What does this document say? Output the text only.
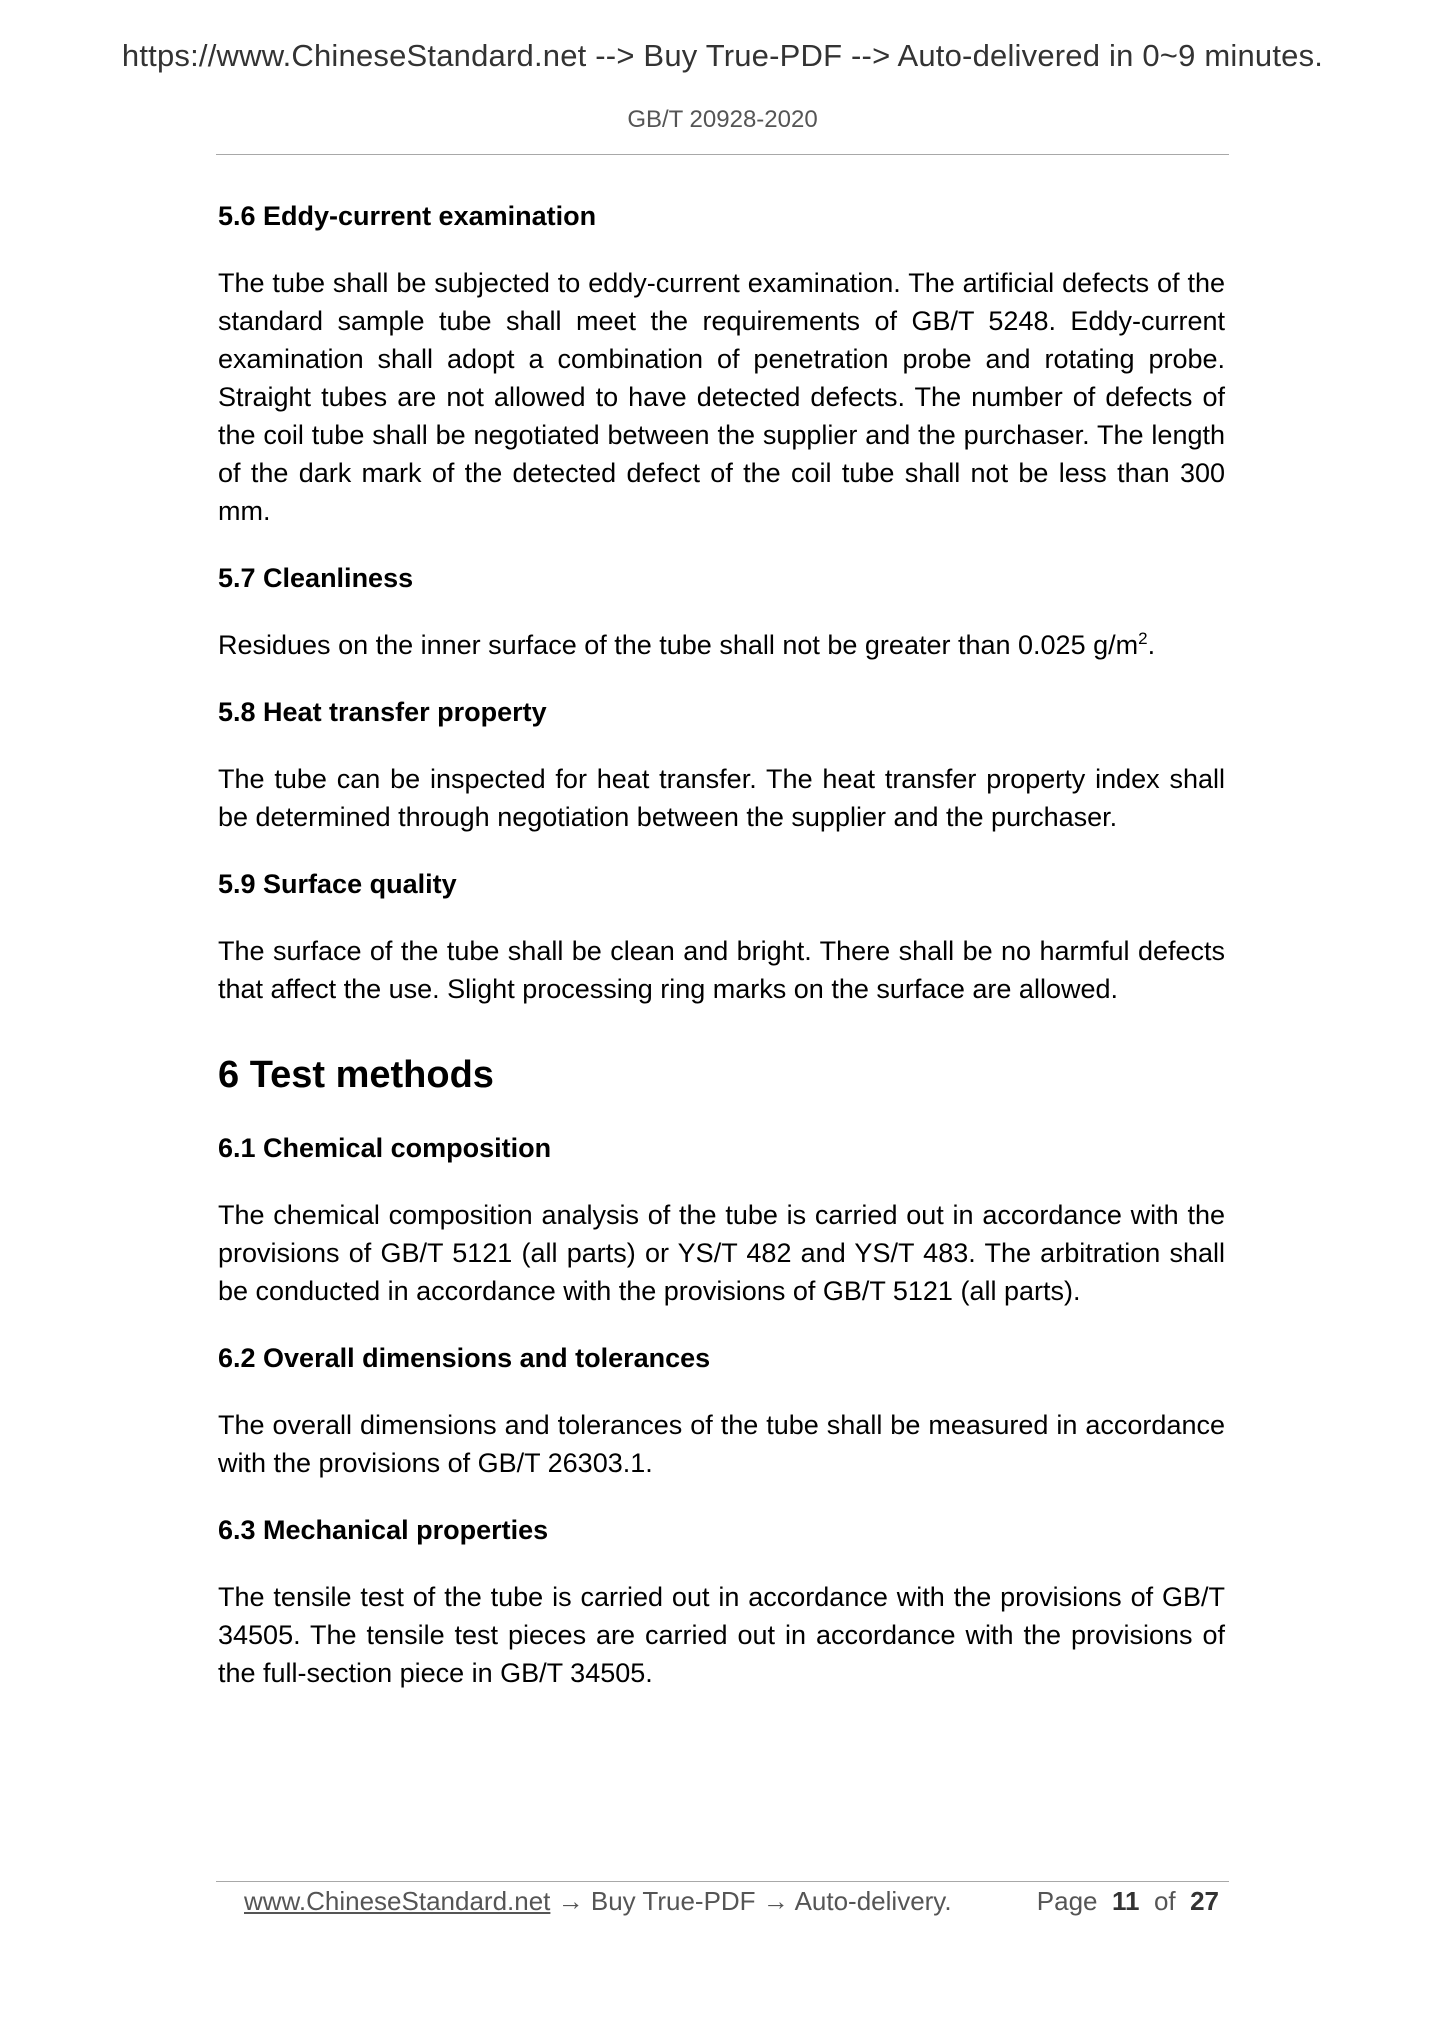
https://www.ChineseStandard.net --> Buy True-PDF --> Auto-delivered in 0~9 minutes.
GB/T 20928-2020
5.6 Eddy-current examination

The tube shall be subjected to eddy-current examination. The artificial defects of the standard sample tube shall meet the requirements of GB/T 5248. Eddy-current examination shall adopt a combination of penetration probe and rotating probe. Straight tubes are not allowed to have detected defects. The number of defects of the coil tube shall be negotiated between the supplier and the purchaser. The length of the dark mark of the detected defect of the coil tube shall not be less than 300 mm.

5.7 Cleanliness

Residues on the inner surface of the tube shall not be greater than 0.025 $g/m^2$.

5.8 Heat transfer property

The tube can be inspected for heat transfer. The heat transfer property index shall be determined through negotiation between the supplier and the purchaser.

5.9 Surface quality

The surface of the tube shall be clean and bright. There shall be no harmful defects that affect the use. Slight processing ring marks on the surface are allowed.

6 Test methods
6.1 Chemical composition

The chemical composition analysis of the tube is carried out in accordance with the provisions of GB/T 5121 (all parts) or YS/T 482 and YS/T 483. The arbitration shall be conducted in accordance with the provisions of GB/T 5121 (all parts).

6.2 Overall dimensions and tolerances

The overall dimensions and tolerances of the tube shall be measured in accordance with the provisions of GB/T 26303.1.

6.3 Mechanical properties

The tensile test of the tube is carried out in accordance with the provisions of GB/T 34505. The tensile test pieces are carried out in accordance with the provisions of the full-section piece in GB/T 34505.

www.ChineseStandard.net → Buy True-PDF → Auto-delivery.	Page 11 of 27
